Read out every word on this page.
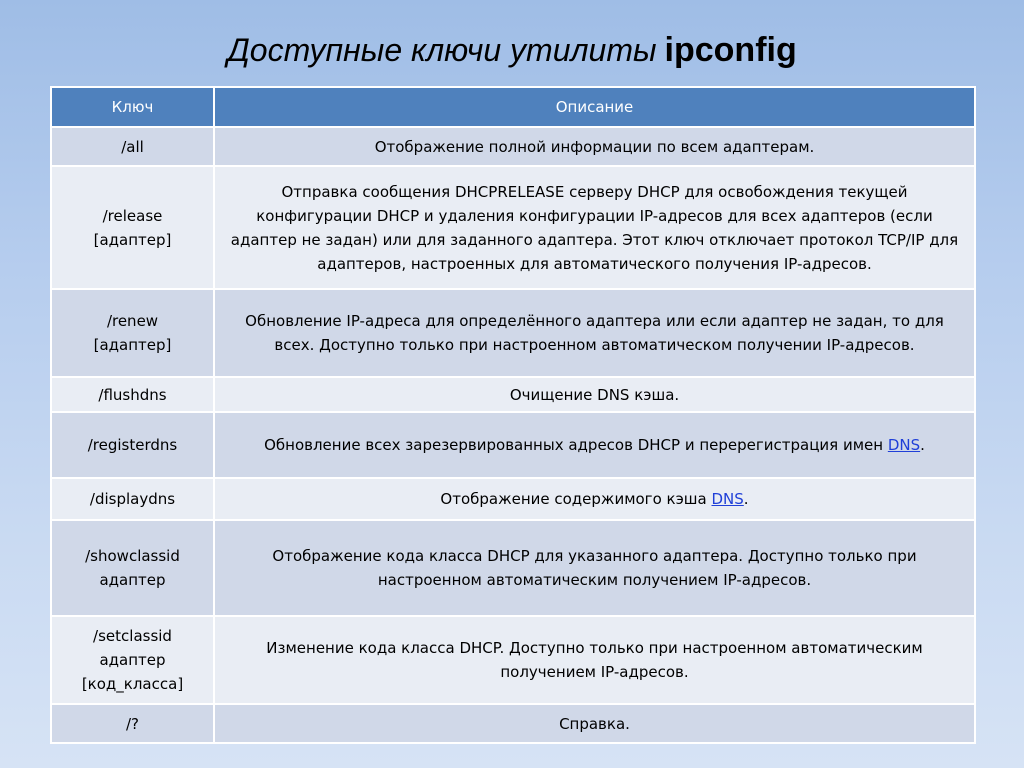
Доступные ключи утилиты ipconfig
Ключ	Описание
/all	Отображение полной информации по всем адаптерам.
/release
[адаптер]	Отправка сообщения DHCPRELEASE серверу DHCP для освобождения текущей конфигурации DHCP и удаления конфигурации IP-адресов для всех адаптеров (если адаптер не задан) или для заданного адаптера. Этот ключ отключает протокол TCP/IP для адаптеров, настроенных для автоматического получения IP-адресов.
/renew
[адаптер]	Обновление IP-адреса для определённого адаптера или если адаптер не задан, то для всех. Доступно только при настроенном автоматическом получении IP-адресов.
/flushdns	Очищение DNS кэша.
/registerdns	Обновление всех зарезервированных адресов DHCP и перерегистрация имен DNS.
/displaydns	Отображение содержимого кэша DNS.
/showclassid
адаптер	Отображение кода класса DHCP для указанного адаптера. Доступно только при настроенном автоматическим получением IP-адресов.
/setclassid
адаптер
[код_класса]	Изменение кода класса DHCP. Доступно только при настроенном автоматическим получением IP-адресов.
/?	Справка.
